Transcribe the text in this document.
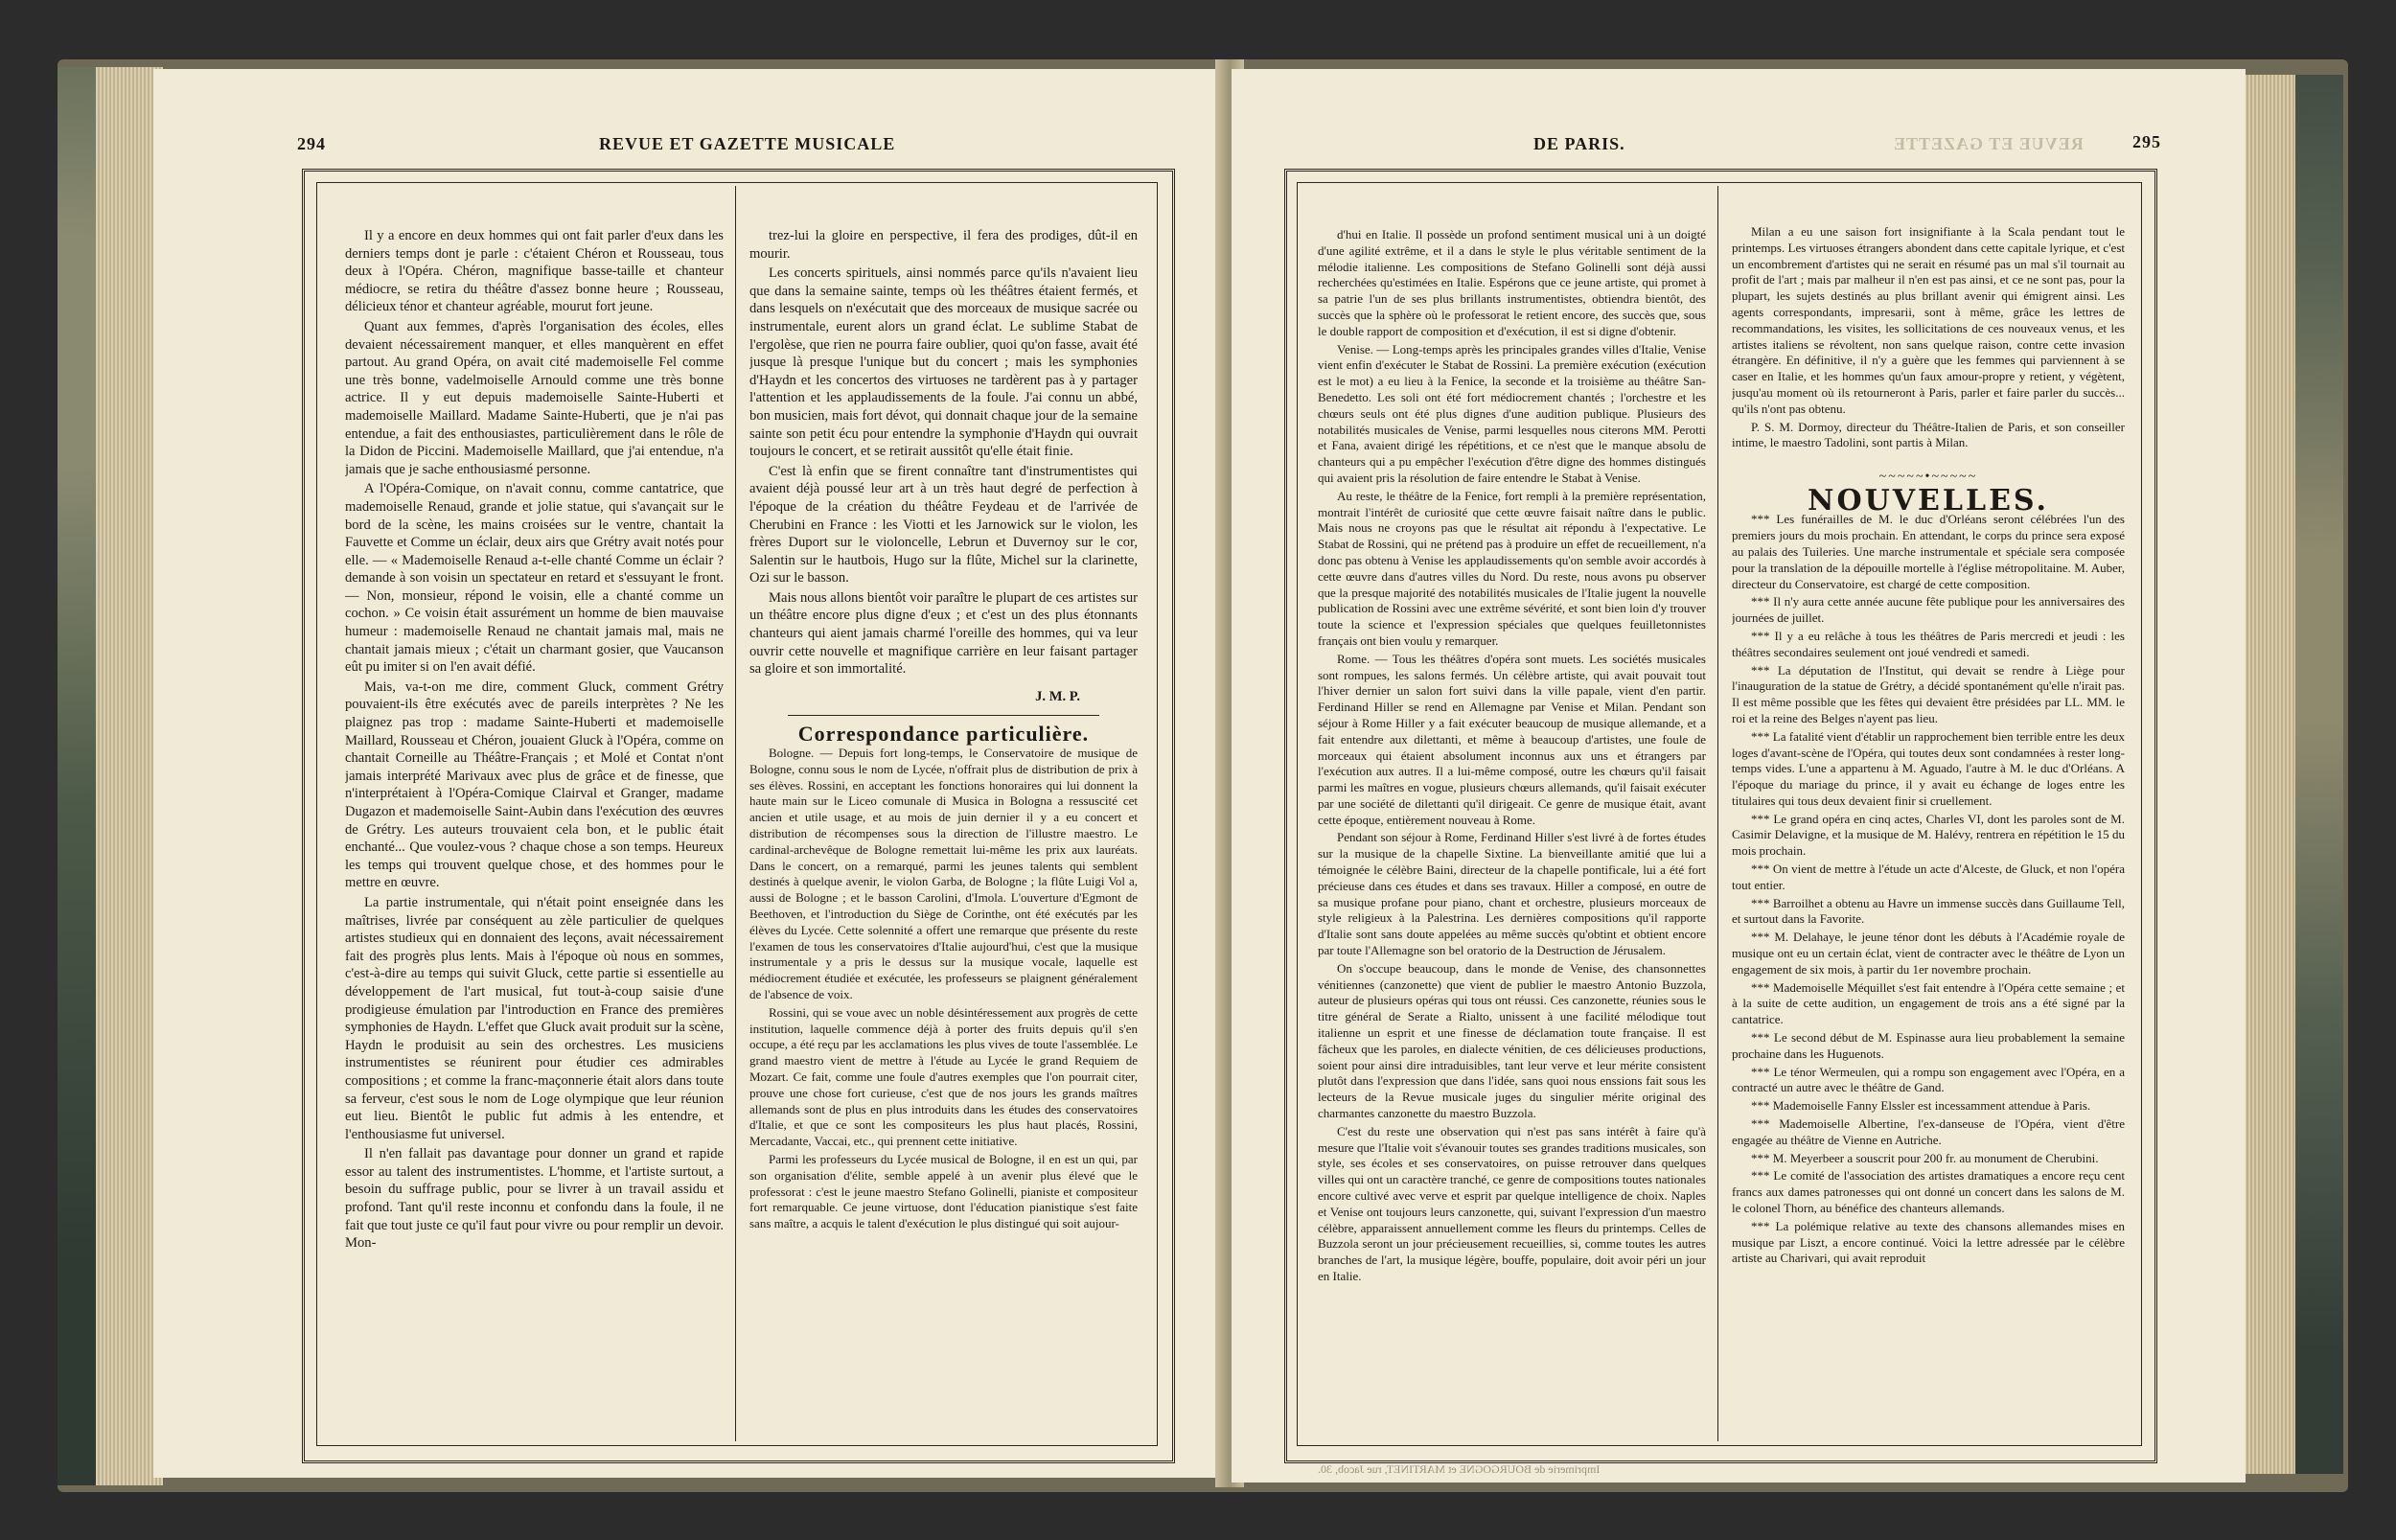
294	REVUE ET GAZETTE MUSICALE

Il y a encore en deux hommes qui ont fait parler d'eux dans les derniers temps dont je parle : c'étaient Chéron et Rousseau, tous deux à l'Opéra. Chéron, magnifique basse-taille et chanteur médiocre, se retira du théâtre d'assez bonne heure ; Rousseau, délicieux ténor et chanteur agréable, mourut fort jeune.

Quant aux femmes, d'après l'organisation des écoles, elles devaient nécessairement manquer, et elles manquèrent en effet partout. Au grand Opéra, on avait cité mademoiselle Fel comme une très bonne, vadelmoiselle Arnould comme une très bonne actrice. Il y eut depuis mademoiselle Sainte-Huberti et mademoiselle Maillard. Madame Sainte-Huberti, que je n'ai pas entendue, a fait des enthousiastes, particulièrement dans le rôle de la Didon de Piccini. Mademoiselle Maillard, que j'ai entendue, n'a jamais que je sache enthousiasmé personne.

A l'Opéra-Comique, on n'avait connu, comme cantatrice, que mademoiselle Renaud, grande et jolie statue, qui s'avançait sur le bord de la scène, les mains croisées sur le ventre, chantait la Fauvette et Comme un éclair, deux airs que Grétry avait notés pour elle. — « Mademoiselle Renaud a-t-elle chanté Comme un éclair ? demande à son voisin un spectateur en retard et s'essuyant le front. — Non, monsieur, répond le voisin, elle a chanté comme un cochon. » Ce voisin était assurément un homme de bien mauvaise humeur : mademoiselle Renaud ne chantait jamais mal, mais ne chantait jamais mieux ; c'était un charmant gosier, que Vaucanson eût pu imiter si on l'en avait défié.

Mais, va-t-on me dire, comment Gluck, comment Grétry pouvaient-ils être exécutés avec de pareils interprètes ? Ne les plaignez pas trop : madame Sainte-Huberti et mademoiselle Maillard, Rousseau et Chéron, jouaient Gluck à l'Opéra, comme on chantait Corneille au Théâtre-Français ; et Molé et Contat n'ont jamais interprété Marivaux avec plus de grâce et de finesse, que n'interprétaient à l'Opéra-Comique Clairval et Granger, madame Dugazon et mademoiselle Saint-Aubin dans l'exécution des œuvres de Grétry. Les auteurs trouvaient cela bon, et le public était enchanté... Que voulez-vous ? chaque chose a son temps. Heureux les temps qui trouvent quelque chose, et des hommes pour le mettre en œuvre.

La partie instrumentale, qui n'était point enseignée dans les maîtrises, livrée par conséquent au zèle particulier de quelques artistes studieux qui en donnaient des leçons, avait nécessairement fait des progrès plus lents. Mais à l'époque où nous en sommes, c'est-à-dire au temps qui suivit Gluck, cette partie si essentielle au développement de l'art musical, fut tout-à-coup saisie d'une prodigieuse émulation par l'introduction en France des premières symphonies de Haydn. L'effet que Gluck avait produit sur la scène, Haydn le produisit au sein des orchestres. Les musiciens instrumentistes se réunirent pour étudier ces admirables compositions ; et comme la franc-maçonnerie était alors dans toute sa ferveur, c'est sous le nom de Loge olympique que leur réunion eut lieu. Bientôt le public fut admis à les entendre, et l'enthousiasme fut universel.

Il n'en fallait pas davantage pour donner un grand et rapide essor au talent des instrumentistes. L'homme, et l'artiste surtout, a besoin du suffrage public, pour se livrer à un travail assidu et profond. Tant qu'il reste inconnu et confondu dans la foule, il ne fait que tout juste ce qu'il faut pour vivre ou pour remplir un devoir. Mon-

trez-lui la gloire en perspective, il fera des prodiges, dût-il en mourir.

Les concerts spirituels, ainsi nommés parce qu'ils n'avaient lieu que dans la semaine sainte, temps où les théâtres étaient fermés, et dans lesquels on n'exécutait que des morceaux de musique sacrée ou instrumentale, eurent alors un grand éclat. Le sublime Stabat de l'ergolèse, que rien ne pourra faire oublier, quoi qu'on fasse, avait été jusque là presque l'unique but du concert ; mais les symphonies d'Haydn et les concertos des virtuoses ne tardèrent pas à y partager l'attention et les applaudissements de la foule. J'ai connu un abbé, bon musicien, mais fort dévot, qui donnait chaque jour de la semaine sainte son petit écu pour entendre la symphonie d'Haydn qui ouvrait toujours le concert, et se retirait aussitôt qu'elle était finie.

C'est là enfin que se firent connaître tant d'instrumentistes qui avaient déjà poussé leur art à un très haut degré de perfection à l'époque de la création du théâtre Feydeau et de l'arrivée de Cherubini en France : les Viotti et les Jarnowick sur le violon, les frères Duport sur le violoncelle, Lebrun et Duvernoy sur le cor, Salentin sur le hautbois, Hugo sur la flûte, Michel sur la clarinette, Ozi sur le basson.

Mais nous allons bientôt voir paraître le plupart de ces artistes sur un théâtre encore plus digne d'eux ; et c'est un des plus étonnants chanteurs qui aient jamais charmé l'oreille des hommes, qui va leur ouvrir cette nouvelle et magnifique carrière en leur faisant partager sa gloire et son immortalité.

J. M. P.

Correspondance particulière.

Bologne. — Depuis fort long-temps, le Conservatoire de musique de Bologne, connu sous le nom de Lycée, n'offrait plus de distribution de prix à ses élèves. Rossini, en acceptant les fonctions honoraires qui lui donnent la haute main sur le Liceo comunale di Musica in Bologna a ressuscité cet ancien et utile usage, et au mois de juin dernier il y a eu concert et distribution de récompenses sous la direction de l'illustre maestro. Le cardinal-archevêque de Bologne remettait lui-même les prix aux lauréats. Dans le concert, on a remarqué, parmi les jeunes talents qui semblent destinés à quelque avenir, le violon Garba, de Bologne ; la flûte Luigi Vol a, aussi de Bologne ; et le basson Carolini, d'Imola. L'ouverture d'Egmont de Beethoven, et l'introduction du Siège de Corinthe, ont été exécutés par les élèves du Lycée. Cette solennité a offert une remarque que présente du reste l'examen de tous les conservatoires d'Italie aujourd'hui, c'est que la musique instrumentale y a pris le dessus sur la musique vocale, laquelle est médiocrement étudiée et exécutée, les professeurs se plaignent généralement de l'absence de voix.

Rossini, qui se voue avec un noble désintéressement aux progrès de cette institution, laquelle commence déjà à porter des fruits depuis qu'il s'en occupe, a été reçu par les acclamations les plus vives de toute l'assemblée. Le grand maestro vient de mettre à l'étude au Lycée le grand Requiem de Mozart. Ce fait, comme une foule d'autres exemples que l'on pourrait citer, prouve une chose fort curieuse, c'est que de nos jours les grands maîtres allemands sont de plus en plus introduits dans les études des conservatoires d'Italie, et que ce sont les compositeurs les plus haut placés, Rossini, Mercadante, Vaccai, etc., qui prennent cette initiative.

Parmi les professeurs du Lycée musical de Bologne, il en est un qui, par son organisation d'élite, semble appelé à un avenir plus élevé que le professorat : c'est le jeune maestro Stefano Golinelli, pianiste et compositeur fort remarquable. Ce jeune virtuose, dont l'éducation pianistique s'est faite sans maître, a acquis le talent d'exécution le plus distingué qui soit aujour-

REVUE ET GAZETTE
DE PARIS.	295

d'hui en Italie. Il possède un profond sentiment musical uni à un doigté d'une agilité extrême, et il a dans le style le plus véritable sentiment de la mélodie italienne. Les compositions de Stefano Golinelli sont déjà aussi recherchées qu'estimées en Italie. Espérons que ce jeune artiste, qui promet à sa patrie l'un de ses plus brillants instrumentistes, obtiendra bientôt, des succès que la sphère où le professorat le retient encore, des succès que, sous le double rapport de composition et d'exécution, il est si digne d'obtenir.

Venise. — Long-temps après les principales grandes villes d'Italie, Venise vient enfin d'exécuter le Stabat de Rossini. La première exécution (exécution est le mot) a eu lieu à la Fenice, la seconde et la troisième au théâtre San-Benedetto. Les soli ont été fort médiocrement chantés ; l'orchestre et les chœurs seuls ont été plus dignes d'une audition publique. Plusieurs des notabilités musicales de Venise, parmi lesquelles nous citerons MM. Perotti et Fana, avaient dirigé les répétitions, et ce n'est que le manque absolu de chanteurs qui a pu empêcher l'exécution d'être digne des hommes distingués qui avaient pris la résolution de faire entendre le Stabat à Venise.

Au reste, le théâtre de la Fenice, fort rempli à la première représentation, montrait l'intérêt de curiosité que cette œuvre faisait naître dans le public. Mais nous ne croyons pas que le résultat ait répondu à l'expectative. Le Stabat de Rossini, qui ne prétend pas à produire un effet de recueillement, n'a donc pas obtenu à Venise les applaudissements qu'on semble avoir accordés à cette œuvre dans d'autres villes du Nord. Du reste, nous avons pu observer que la presque majorité des notabilités musicales de l'Italie jugent la nouvelle publication de Rossini avec une extrême sévérité, et sont bien loin d'y trouver toute la science et l'expression spéciales que quelques feuilletonnistes français ont bien voulu y remarquer.

Rome. — Tous les théâtres d'opéra sont muets. Les sociétés musicales sont rompues, les salons fermés. Un célèbre artiste, qui avait pouvait tout l'hiver dernier un salon fort suivi dans la ville papale, vient d'en partir. Ferdinand Hiller se rend en Allemagne par Venise et Milan. Pendant son séjour à Rome Hiller y a fait exécuter beaucoup de musique allemande, et a fait entendre aux dilettanti, et même à beaucoup d'artistes, une foule de morceaux qui étaient absolument inconnus aux uns et étrangers par l'exécution aux autres. Il a lui-même composé, outre les chœurs qu'il faisait parmi les maîtres en vogue, plusieurs chœurs allemands, qu'il faisait exécuter par une société de dilettanti qu'il dirigeait. Ce genre de musique était, avant cette époque, entièrement nouveau à Rome.

Pendant son séjour à Rome, Ferdinand Hiller s'est livré à de fortes études sur la musique de la chapelle Sixtine. La bienveillante amitié que lui a témoignée le célèbre Baini, directeur de la chapelle pontificale, lui a été fort précieuse dans ces études et dans ses travaux. Hiller a composé, en outre de sa musique profane pour piano, chant et orchestre, plusieurs morceaux de style religieux à la Palestrina. Les dernières compositions qu'il rapporte d'Italie sont sans doute appelées au même succès qu'obtint et obtient encore par toute l'Allemagne son bel oratorio de la Destruction de Jérusalem.

On s'occupe beaucoup, dans le monde de Venise, des chansonnettes vénitiennes (canzonette) que vient de publier le maestro Antonio Buzzola, auteur de plusieurs opéras qui tous ont réussi. Ces canzonette, réunies sous le titre général de Serate a Rialto, unissent à une facilité mélodique tout italienne un esprit et une finesse de déclamation toute française. Il est fâcheux que les paroles, en dialecte vénitien, de ces délicieuses productions, soient pour ainsi dire intraduisibles, tant leur verve et leur mérite consistent plutôt dans l'expression que dans l'idée, sans quoi nous enssions fait sous les lecteurs de la Revue musicale juges du singulier mérite original des charmantes canzonette du maestro Buzzola.

C'est du reste une observation qui n'est pas sans intérêt à faire qu'à mesure que l'Italie voit s'évanouir toutes ses grandes traditions musicales, son style, ses écoles et ses conservatoires, on puisse retrouver dans quelques villes qui ont un caractère tranché, ce genre de compositions toutes nationales encore cultivé avec verve et esprit par quelque intelligence de choix. Naples et Venise ont toujours leurs canzonette, qui, suivant l'expression d'un maestro célèbre, apparaissent annuellement comme les fleurs du printemps. Celles de Buzzola seront un jour précieusement recueillies, si, comme toutes les autres branches de l'art, la musique légère, bouffe, populaire, doit avoir péri un jour en Italie.

Milan a eu une saison fort insignifiante à la Scala pendant tout le printemps. Les virtuoses étrangers abondent dans cette capitale lyrique, et c'est un encombrement d'artistes qui ne serait en résumé pas un mal s'il tournait au profit de l'art ; mais par malheur il n'en est pas ainsi, et ce ne sont pas, pour la plupart, les sujets destinés au plus brillant avenir qui émigrent ainsi. Les agents correspondants, impresarii, sont à même, grâce les lettres de recommandations, les visites, les sollicitations de ces nouveaux venus, et les artistes italiens se révoltent, non sans quelque raison, contre cette invasion étrangère. En définitive, il n'y a guère que les femmes qui parviennent à se caser en Italie, et les hommes qu'un faux amour-propre y retient, y végètent, jusqu'au moment où ils retourneront à Paris, parler et faire parler du succès... qu'ils n'ont pas obtenu.

P. S. M. Dormoy, directeur du Théâtre-Italien de Paris, et son conseiller intime, le maestro Tadolini, sont partis à Milan.

~~~~~•~~~~~

NOUVELLES.

*** Les funérailles de M. le duc d'Orléans seront célébrées l'un des premiers jours du mois prochain. En attendant, le corps du prince sera exposé au palais des Tuileries. Une marche instrumentale et spéciale sera composée pour la translation de la dépouille mortelle à l'église métropolitaine. M. Auber, directeur du Conservatoire, est chargé de cette composition.

*** Il n'y aura cette année aucune fête publique pour les anniversaires des journées de juillet.

*** Il y a eu relâche à tous les théâtres de Paris mercredi et jeudi : les théâtres secondaires seulement ont joué vendredi et samedi.

*** La députation de l'Institut, qui devait se rendre à Liège pour l'inauguration de la statue de Grétry, a décidé spontanément qu'elle n'irait pas. Il est même possible que les fêtes qui devaient être présidées par LL. MM. le roi et la reine des Belges n'ayent pas lieu.

*** La fatalité vient d'établir un rapprochement bien terrible entre les deux loges d'avant-scène de l'Opéra, qui toutes deux sont condamnées à rester long-temps vides. L'une a appartenu à M. Aguado, l'autre à M. le duc d'Orléans. A l'époque du mariage du prince, il y avait eu échange de loges entre les titulaires qui tous deux devaient finir si cruellement.

*** Le grand opéra en cinq actes, Charles VI, dont les paroles sont de M. Casimir Delavigne, et la musique de M. Halévy, rentrera en répétition le 15 du mois prochain.

*** On vient de mettre à l'étude un acte d'Alceste, de Gluck, et non l'opéra tout entier.

*** Barroilhet a obtenu au Havre un immense succès dans Guillaume Tell, et surtout dans la Favorite.

*** M. Delahaye, le jeune ténor dont les débuts à l'Académie royale de musique ont eu un certain éclat, vient de contracter avec le théâtre de Lyon un engagement de six mois, à partir du 1er novembre prochain.

*** Mademoiselle Méquillet s'est fait entendre à l'Opéra cette semaine ; et à la suite de cette audition, un engagement de trois ans a été signé par la cantatrice.

*** Le second début de M. Espinasse aura lieu probablement la semaine prochaine dans les Huguenots.

*** Le ténor Wermeulen, qui a rompu son engagement avec l'Opéra, en a contracté un autre avec le théâtre de Gand.

*** Mademoiselle Fanny Elssler est incessamment attendue à Paris.

*** Mademoiselle Albertine, l'ex-danseuse de l'Opéra, vient d'être engagée au théâtre de Vienne en Autriche.

*** M. Meyerbeer a souscrit pour 200 fr. au monument de Cherubini.

*** Le comité de l'association des artistes dramatiques a encore reçu cent francs aux dames patronesses qui ont donné un concert dans les salons de M. le colonel Thorn, au bénéfice des chanteurs allemands.

*** La polémique relative au texte des chansons allemandes mises en musique par Liszt, a encore continué. Voici la lettre adressée par le célèbre artiste au Charivari, qui avait reproduit

Imprimerie de BOURGOGNE et MARTINET, rue Jacob, 30.
